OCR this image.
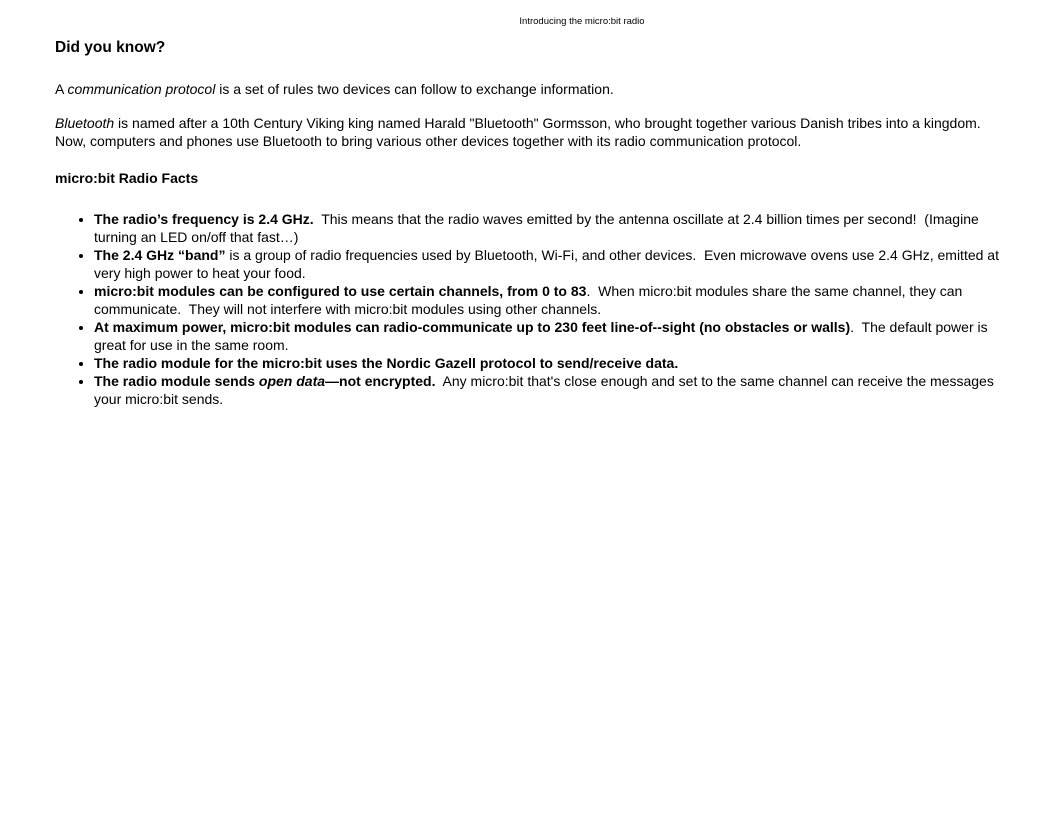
Introducing the micro:bit radio
Did you know?

A communication protocol is a set of rules two devices can follow to exchange information.

Bluetooth is named after a 10th Century Viking king named Harald "Bluetooth" Gormsson, who brought together various Danish tribes into a kingdom.  Now, computers and phones use Bluetooth to bring various other devices together with its radio communication protocol.

micro:bit Radio Facts
• The radio’s frequency is 2.4 GHz.  This means that the radio waves emitted by the antenna oscillate at 2.4 billion times per second!  (Imagine turning an LED on/off that fast…)
• The 2.4 GHz “band” is a group of radio frequencies used by Bluetooth, Wi-Fi, and other devices.  Even microwave ovens use 2.4 GHz, emitted at very high power to heat your food.
• micro:bit modules can be configured to use certain channels, from 0 to 83.  When micro:bit modules share the same channel, they can communicate.  They will not interfere with micro:bit modules using other channels.
• At maximum power, micro:bit modules can radio-communicate up to 230 feet line-of--sight (no obstacles or walls).  The default power is great for use in the same room.
• The radio module for the micro:bit uses the Nordic Gazell protocol to send/receive data.
• The radio module sends open data—not encrypted.  Any micro:bit that's close enough and set to the same channel can receive the messages your micro:bit sends.
